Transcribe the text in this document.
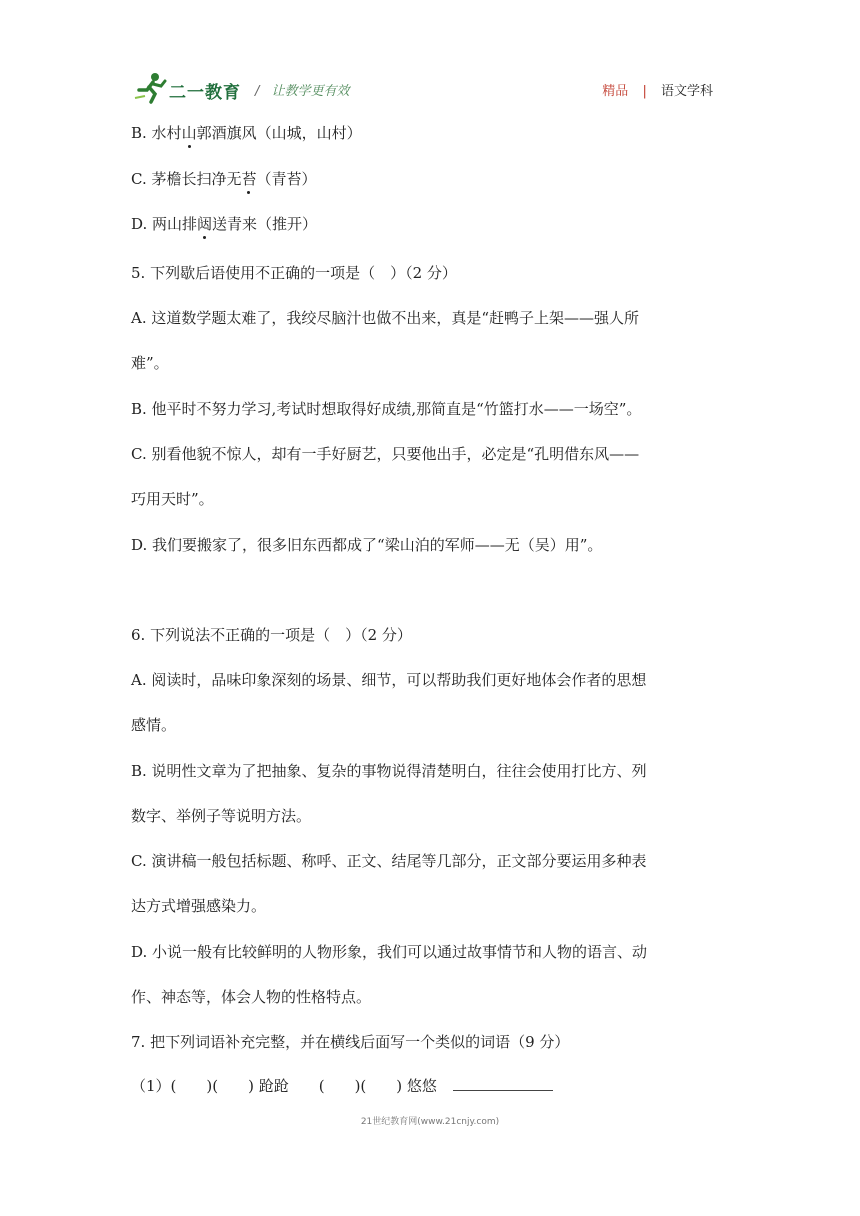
二一教育 / 让教学更有效	精品 | 语文学科
B. 水村山郭酒旗风（山城，山村）
C. 茅檐长扫净无苔（青苔）
D. 两山排闼送青来（推开）
5. 下列歇后语使用不正确的一项是（　）（2 分）
A. 这道数学题太难了，我绞尽脑汁也做不出来，真是“赶鸭子上架——强人所
难”。
B. 他平时不努力学习,考试时想取得好成绩,那简直是“竹篮打水——一场空”。
C. 别看他貌不惊人，却有一手好厨艺，只要他出手，必定是“孔明借东风——
巧用天时”。
D. 我们要搬家了，很多旧东西都成了“梁山泊的军师——无（吴）用”。
6. 下列说法不正确的一项是（　）（2 分）
A. 阅读时，品味印象深刻的场景、细节，可以帮助我们更好地体会作者的思想
感情。
B. 说明性文章为了把抽象、复杂的事物说得清楚明白，往往会使用打比方、列
数字、举例子等说明方法。
C. 演讲稿一般包括标题、称呼、正文、结尾等几部分，正文部分要运用多种表
达方式增强感染力。
D. 小说一般有比较鲜明的人物形象，我们可以通过故事情节和人物的语言、动
作、神态等，体会人物的性格特点。
7. 把下列词语补充完整，并在横线后面写一个类似的词语（9 分）
（1）(　　)(　　) 跄跄　　(　　)(　　) 悠悠
21世纪教育网(www.21cnjy.com)
